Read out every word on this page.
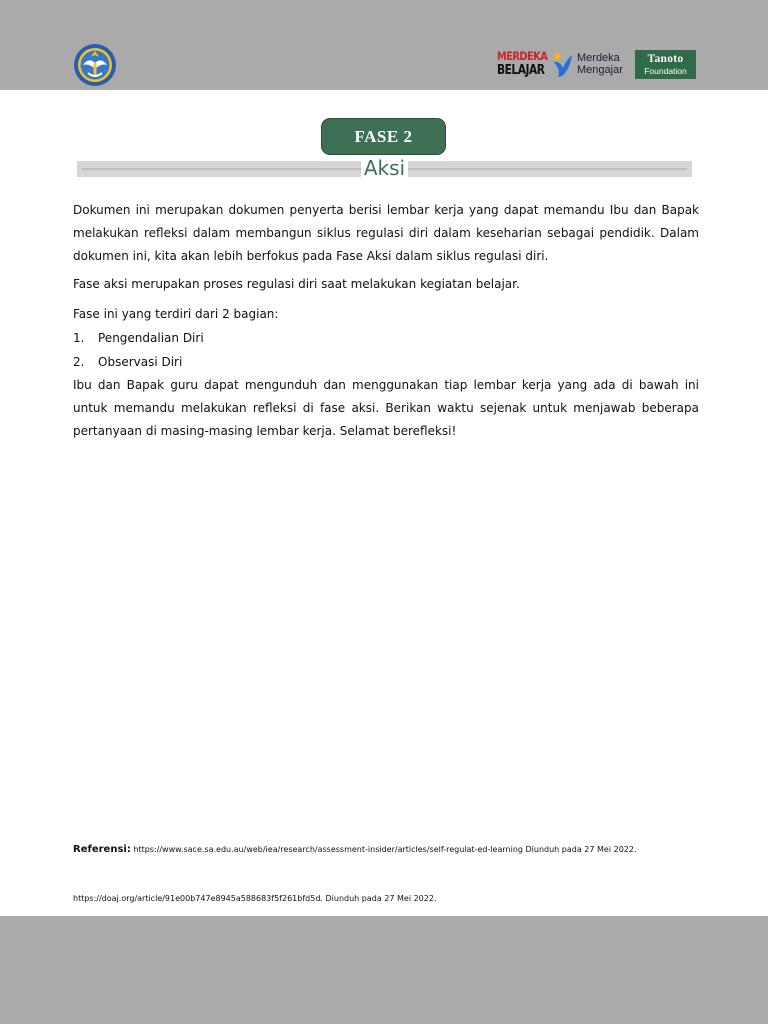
MERDEKA
BELAJAR
Merdeka
Mengajar
Tanoto
Foundation
FASE 2
Aksi

Dokumen ini merupakan dokumen penyerta berisi lembar kerja yang dapat memandu Ibu dan Bapak melakukan refleksi dalam membangun siklus regulasi diri dalam keseharian sebagai pendidik. Dalam dokumen ini, kita akan lebih berfokus pada Fase Aksi dalam siklus regulasi diri.

Fase aksi merupakan proses regulasi diri saat melakukan kegiatan belajar.

Fase ini yang terdiri dari 2 bagian:

1. Pengendalian Diri
2. Observasi Diri

Ibu dan Bapak guru dapat mengunduh dan menggunakan tiap lembar kerja yang ada di bawah ini untuk memandu melakukan refleksi di fase aksi. Berikan waktu sejenak untuk menjawab beberapa pertanyaan di masing-masing lembar kerja. Selamat berefleksi!

Referensi: https://www.sace.sa.edu.au/web/iea/research/assessment-insider/articles/self-regulat-ed-learning Diunduh pada 27 Mei 2022.
https://doaj.org/article/91e00b747e8945a588683f5f261bfd5d. Diunduh pada 27 Mei 2022.
